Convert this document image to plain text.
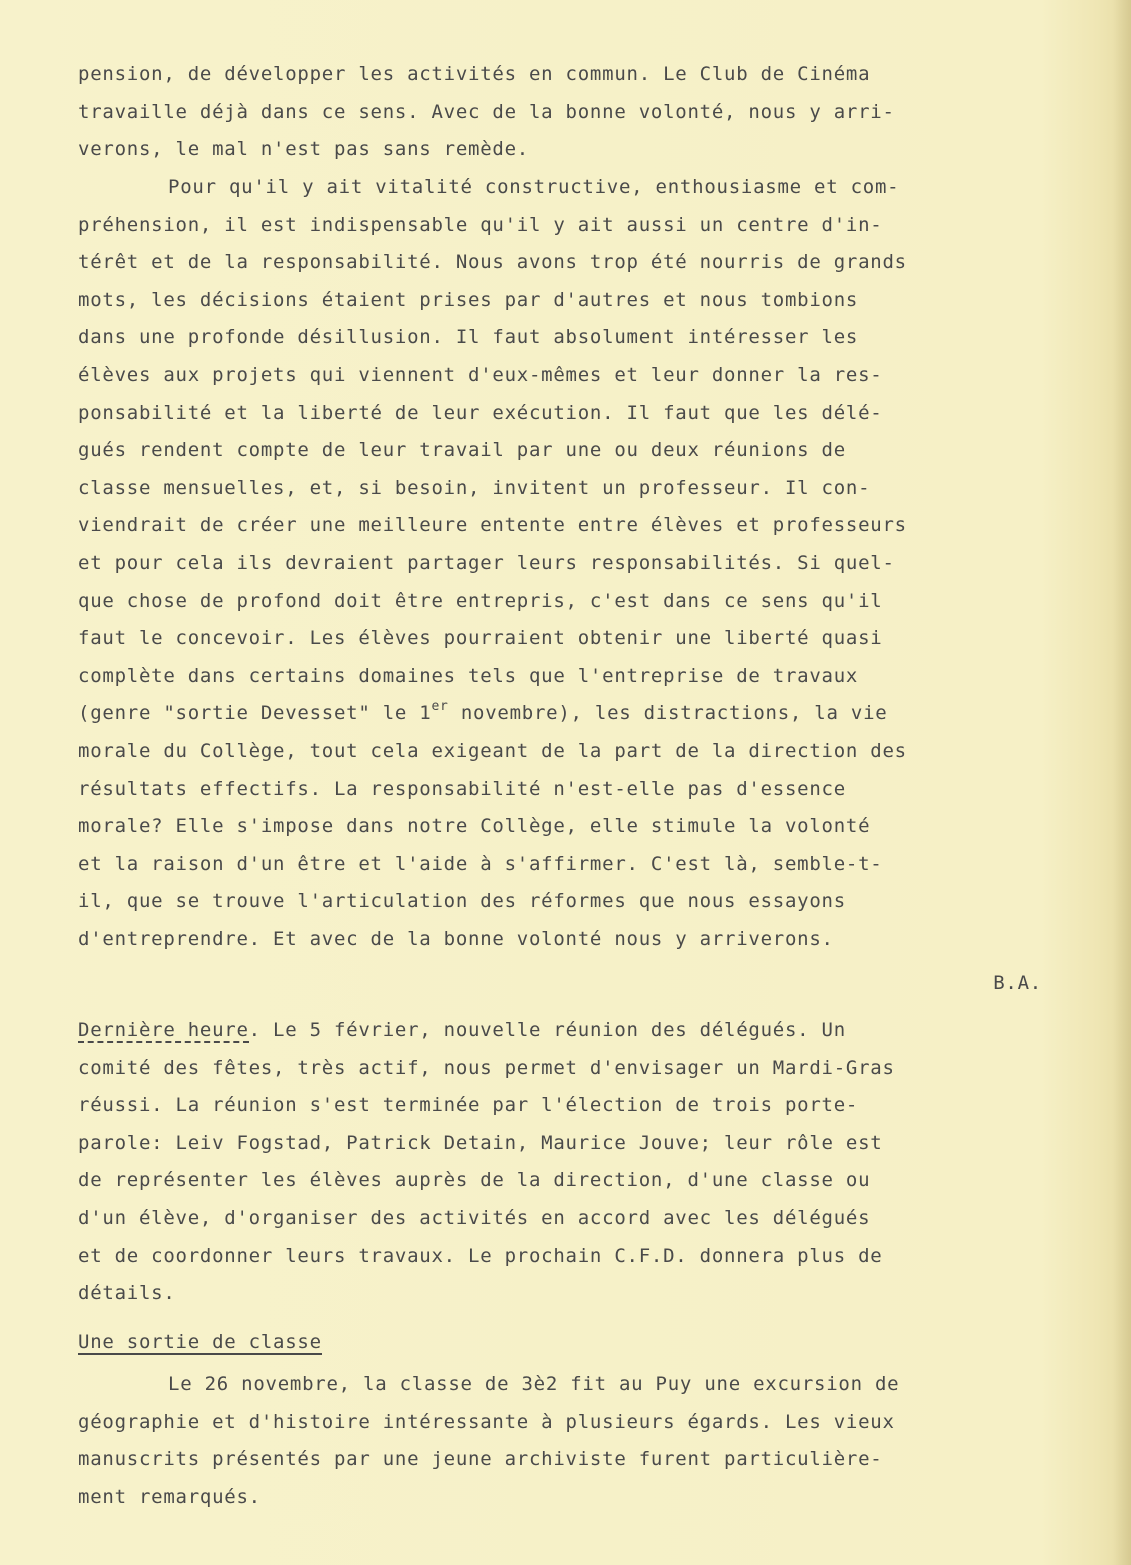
pension, de développer les activités en commun. Le Club de Cinéma
travaille déjà dans ce sens. Avec de la bonne volonté, nous y arri-
verons, le mal n'est pas sans remède.
Pour qu'il y ait vitalité constructive, enthousiasme et com-
préhension, il est indispensable qu'il y ait aussi un centre d'in-
térêt et de la responsabilité. Nous avons trop été nourris de grands
mots, les décisions étaient prises par d'autres et nous tombions
dans une profonde désillusion. Il faut absolument intéresser les
élèves aux projets qui viennent d'eux-mêmes et leur donner la res-
ponsabilité et la liberté de leur exécution. Il faut que les délé-
gués rendent compte de leur travail par une ou deux réunions de
classe mensuelles, et, si besoin, invitent un professeur. Il con-
viendrait de créer une meilleure entente entre élèves et professeurs
et pour cela ils devraient partager leurs responsabilités. Si quel-
que chose de profond doit être entrepris, c'est dans ce sens qu'il
faut le concevoir. Les élèves pourraient obtenir une liberté quasi
complète dans certains domaines tels que l'entreprise de travaux
(genre "sortie Devesset" le 1er novembre), les distractions, la vie
morale du Collège, tout cela exigeant de la part de la direction des
résultats effectifs. La responsabilité n'est-elle pas d'essence
morale? Elle s'impose dans notre Collège, elle stimule la volonté
et la raison d'un être et l'aide à s'affirmer. C'est là, semble-t-
il, que se trouve l'articulation des réformes que nous essayons
d'entreprendre. Et avec de la bonne volonté nous y arriverons.
B.A.
Dernière heure. Le 5 février, nouvelle réunion des délégués. Un
comité des fêtes, très actif, nous permet d'envisager un Mardi-Gras
réussi. La réunion s'est terminée par l'élection de trois porte-
parole: Leiv Fogstad, Patrick Detain, Maurice Jouve; leur rôle est
de représenter les élèves auprès de la direction, d'une classe ou
d'un élève, d'organiser des activités en accord avec les délégués
et de coordonner leurs travaux. Le prochain C.F.D. donnera plus de
détails.
Une sortie de classe
Le 26 novembre, la classe de 3è2 fit au Puy une excursion de
géographie et d'histoire intéressante à plusieurs égards. Les vieux
manuscrits présentés par une jeune archiviste furent particulière-
ment remarqués.
